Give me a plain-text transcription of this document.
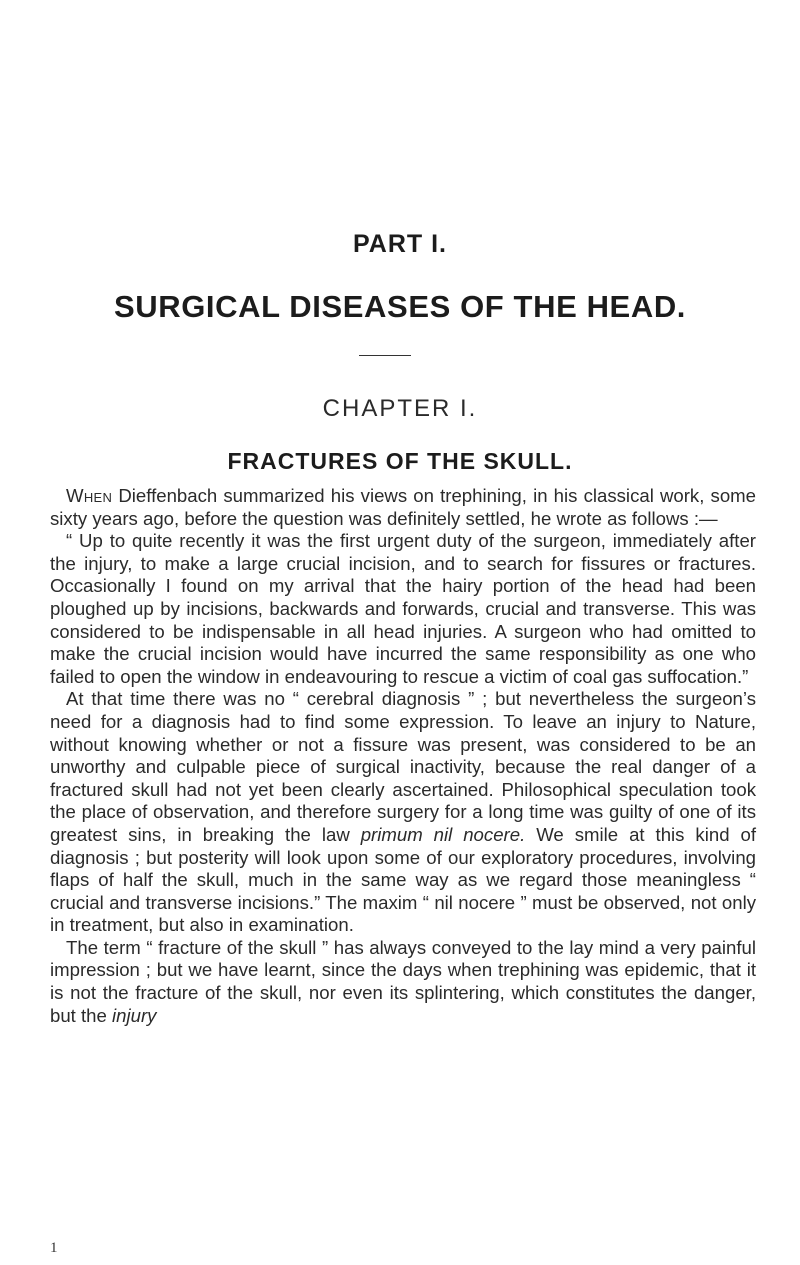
PART I.
SURGICAL DISEASES OF THE HEAD.
CHAPTER I.
FRACTURES OF THE SKULL.

When Dieffenbach summarized his views on trephining, in his classical work, some sixty years ago, before the question was definitely settled, he wrote as follows :—

“ Up to quite recently it was the first urgent duty of the surgeon, immediately after the injury, to make a large crucial incision, and to search for fissures or fractures. Occasionally I found on my arrival that the hairy portion of the head had been ploughed up by incisions, backwards and forwards, crucial and transverse. This was considered to be indispensable in all head injuries. A surgeon who had omitted to make the crucial incision would have incurred the same responsibility as one who failed to open the window in endeavouring to rescue a victim of coal gas suffocation.”

At that time there was no “ cerebral diagnosis ” ; but nevertheless the surgeon’s need for a diagnosis had to find some expression. To leave an injury to Nature, without knowing whether or not a fissure was present, was considered to be an unworthy and culpable piece of surgical inactivity, because the real danger of a fractured skull had not yet been clearly ascertained. Philosophical speculation took the place of observation, and therefore surgery for a long time was guilty of one of its greatest sins, in breaking the law primum nil nocere. We smile at this kind of diagnosis ; but posterity will look upon some of our exploratory procedures, involving flaps of half the skull, much in the same way as we regard those meaningless “ crucial and transverse incisions.” The maxim “ nil nocere ” must be observed, not only in treatment, but also in examination.

The term “ fracture of the skull ” has always conveyed to the lay mind a very painful impression ; but we have learnt, since the days when trephining was epidemic, that it is not the fracture of the skull, nor even its splintering, which constitutes the danger, but the injury

1
